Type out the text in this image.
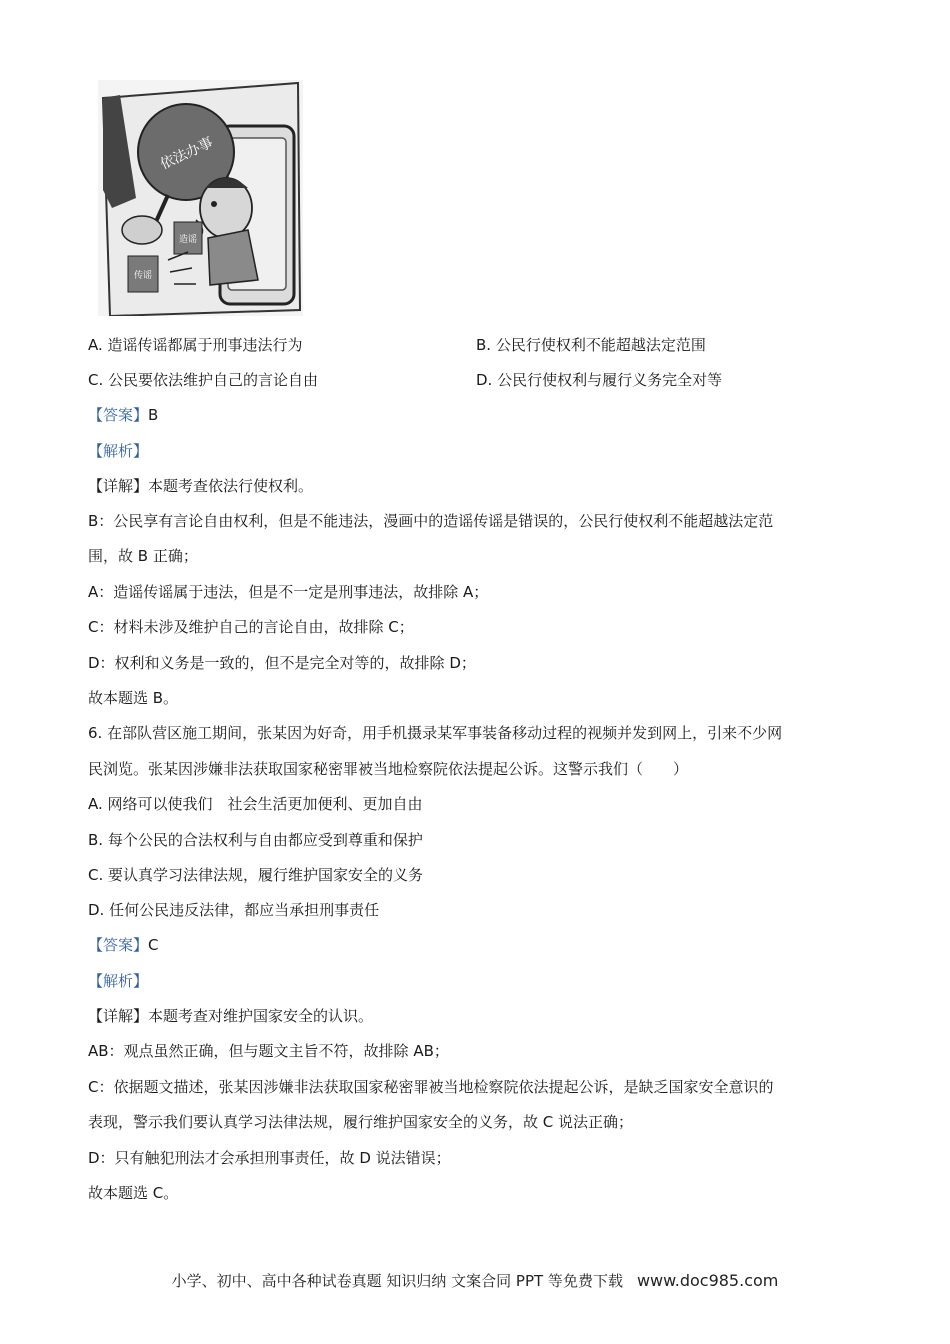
依法办事
造谣
传谣
A. 造谣传谣都属于刑事违法行为	B. 公民行使权利不能超越法定范围
C. 公民要依法维护自己的言论自由	D. 公民行使权利与履行义务完全对等
【答案】B
【解析】
【详解】本题考查依法行使权利。
B：公民享有言论自由权利，但是不能违法，漫画中的造谣传谣是错误的，公民行使权利不能超越法定范
围，故 B 正确；
A：造谣传谣属于违法，但是不一定是刑事违法，故排除 A；
C：材料未涉及维护自己的言论自由，故排除 C；
D：权利和义务是一致的，但不是完全对等的，故排除 D；
故本题选 B。
6. 在部队营区施工期间，张某因为好奇，用手机摄录某军事装备移动过程的视频并发到网上，引来不少网
民浏览。张某因涉嫌非法获取国家秘密罪被当地检察院依法提起公诉。这警示我们（　　）
A. 网络可以使我们　社会生活更加便利、更加自由
B. 每个公民的合法权利与自由都应受到尊重和保护
C. 要认真学习法律法规，履行维护国家安全的义务
D. 任何公民违反法律，都应当承担刑事责任
【答案】C
【解析】
【详解】本题考查对维护国家安全的认识。
AB：观点虽然正确，但与题文主旨不符，故排除 AB；
C：依据题文描述，张某因涉嫌非法获取国家秘密罪被当地检察院依法提起公诉，是缺乏国家安全意识的
表现，警示我们要认真学习法律法规，履行维护国家安全的义务，故 C 说法正确；
D：只有触犯刑法才会承担刑事责任，故 D 说法错误；
故本题选 C。
小学、初中、高中各种试卷真题 知识归纳 文案合同 PPT 等免费下载 www.doc985.com
